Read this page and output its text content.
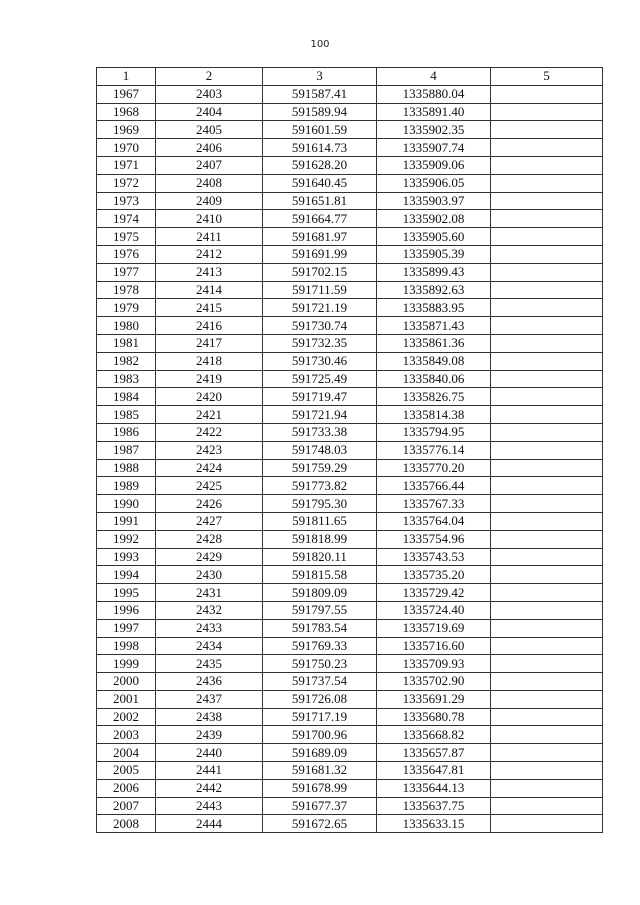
100
1	2	3	4	5
1967	2403	591587.41	1335880.04	
1968	2404	591589.94	1335891.40	
1969	2405	591601.59	1335902.35	
1970	2406	591614.73	1335907.74	
1971	2407	591628.20	1335909.06	
1972	2408	591640.45	1335906.05	
1973	2409	591651.81	1335903.97	
1974	2410	591664.77	1335902.08	
1975	2411	591681.97	1335905.60	
1976	2412	591691.99	1335905.39	
1977	2413	591702.15	1335899.43	
1978	2414	591711.59	1335892.63	
1979	2415	591721.19	1335883.95	
1980	2416	591730.74	1335871.43	
1981	2417	591732.35	1335861.36	
1982	2418	591730.46	1335849.08	
1983	2419	591725.49	1335840.06	
1984	2420	591719.47	1335826.75	
1985	2421	591721.94	1335814.38	
1986	2422	591733.38	1335794.95	
1987	2423	591748.03	1335776.14	
1988	2424	591759.29	1335770.20	
1989	2425	591773.82	1335766.44	
1990	2426	591795.30	1335767.33	
1991	2427	591811.65	1335764.04	
1992	2428	591818.99	1335754.96	
1993	2429	591820.11	1335743.53	
1994	2430	591815.58	1335735.20	
1995	2431	591809.09	1335729.42	
1996	2432	591797.55	1335724.40	
1997	2433	591783.54	1335719.69	
1998	2434	591769.33	1335716.60	
1999	2435	591750.23	1335709.93	
2000	2436	591737.54	1335702.90	
2001	2437	591726.08	1335691.29	
2002	2438	591717.19	1335680.78	
2003	2439	591700.96	1335668.82	
2004	2440	591689.09	1335657.87	
2005	2441	591681.32	1335647.81	
2006	2442	591678.99	1335644.13	
2007	2443	591677.37	1335637.75	
2008	2444	591672.65	1335633.15	
